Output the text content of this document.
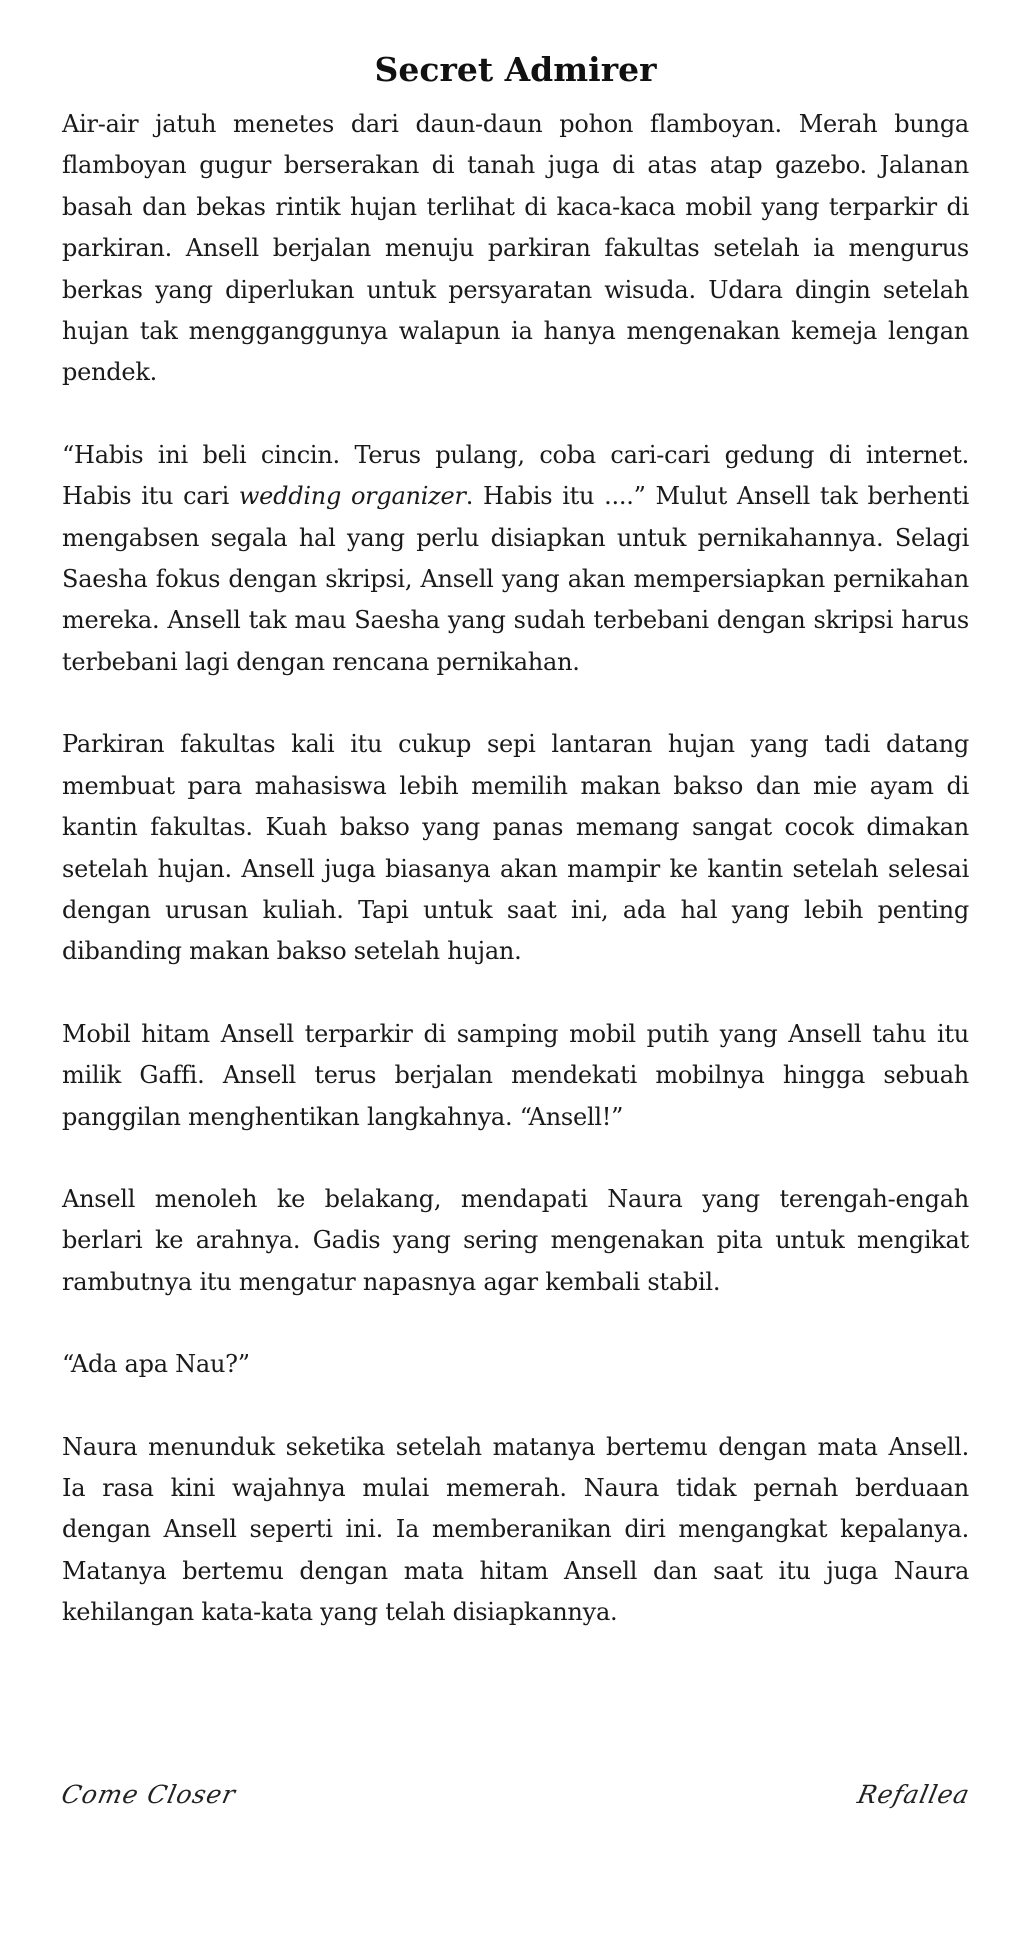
Secret Admirer

Air-air jatuh menetes dari daun-daun pohon flamboyan. Merah bunga flamboyan gugur berserakan di tanah juga di atas atap gazebo. Jalanan basah dan bekas rintik hujan terlihat di kaca-kaca mobil yang terparkir di parkiran. Ansell berjalan menuju parkiran fakultas setelah ia mengurus berkas yang diperlukan untuk persyaratan wisuda. Udara dingin setelah hujan tak mengganggunya walapun ia hanya mengenakan kemeja lengan pendek.

“Habis ini beli cincin. Terus pulang, coba cari-cari gedung di internet. Habis itu cari wedding organizer. Habis itu ....” Mulut Ansell tak berhenti mengabsen segala hal yang perlu disiapkan untuk pernikahannya. Selagi Saesha fokus dengan skripsi, Ansell yang akan mempersiapkan pernikahan mereka. Ansell tak mau Saesha yang sudah terbebani dengan skripsi harus terbebani lagi dengan rencana pernikahan.

Parkiran fakultas kali itu cukup sepi lantaran hujan yang tadi datang membuat para mahasiswa lebih memilih makan bakso dan mie ayam di kantin fakultas. Kuah bakso yang panas memang sangat cocok dimakan setelah hujan. Ansell juga biasanya akan mampir ke kantin setelah selesai dengan urusan kuliah. Tapi untuk saat ini, ada hal yang lebih penting dibanding makan bakso setelah hujan.

Mobil hitam Ansell terparkir di samping mobil putih yang Ansell tahu itu milik Gaffi. Ansell terus berjalan mendekati mobilnya hingga sebuah panggilan menghentikan langkahnya. “Ansell!”

Ansell menoleh ke belakang, mendapati Naura yang terengah-engah berlari ke arahnya. Gadis yang sering mengenakan pita untuk mengikat rambutnya itu mengatur napasnya agar kembali stabil.

“Ada apa Nau?”

Naura menunduk seketika setelah matanya bertemu dengan mata Ansell. Ia rasa kini wajahnya mulai memerah. Naura tidak pernah berduaan dengan Ansell seperti ini. Ia memberanikan diri mengangkat kepalanya. Matanya bertemu dengan mata hitam Ansell dan saat itu juga Naura kehilangan kata-kata yang telah disiapkannya.

Come Closer	Refallea
